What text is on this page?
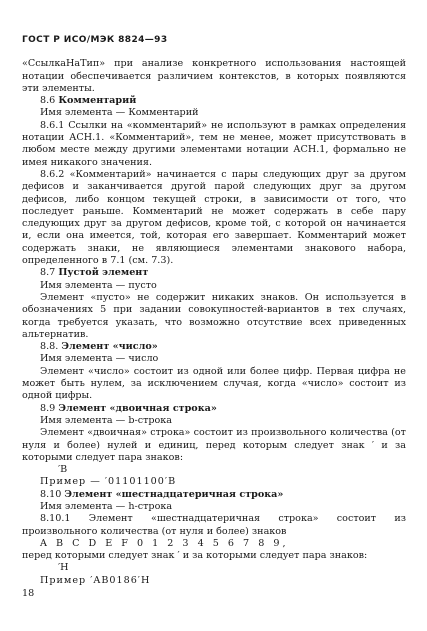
ГОСТ Р ИСО/МЭК 8824—93

«СсылкаНаТип» при анализе конкретного использования настоящей нотации обеспечивается различием контекстов, в которых появляются эти элементы.

8.6 Комментарий

Имя элемента — Комментарий

8.6.1 Ссылки на «комментарий» не используют в рамках определения нотации АСН.1. «Комментарий», тем не менее, может присутствовать в любом месте между другими элементами нотации АСН.1, формально не имея никакого значения.

8.6.2 «Комментарий» начинается с пары следующих друг за другом дефисов и заканчивается другой парой следующих друг за другом дефисов, либо концом текущей строки, в зависимости от того, что последует раньше. Комментарий не может содержать в себе пару следующих друг за другом дефисов, кроме той, с которой он начинается и, если она имеется, той, которая его завершает. Комментарий может содержать знаки, не являющиеся элементами знакового набора, определенного в 7.1 (см. 7.3).

8.7 Пустой элемент

Имя элемента — пусто

Элемент «пусто» не содержит никаких знаков. Он используется в обозначениях 5 при задании совокупностей-вариантов в тех случаях, когда требуется указать, что возможно отсутствие всех приведенных альтернатив.

8.8. Элемент «число»

Имя элемента — число

Элемент «число» состоит из одной или более цифр. Первая цифра не может быть нулем, за исключением случая, когда «число» состоит из одной цифры.

8.9 Элемент «двоичная строка»

Имя элемента — b-строка

Элемент «двоичная» строка» состоит из произвольного количества (от нуля и более) нулей и единиц, перед которым следует знак ′ и за которыми следует пара знаков:

′B

Пример — ′01101100′B

8.10 Элемент «шестнадцатеричная строка»

Имя элемента — h-строка

8.10.1 Элемент «шестнадцатеричная строка» состоит из произвольного количества (от нуля и более) знаков

A B C D E F 0 1 2 3 4 5 6 7 8 9,

перед которыми следует знак ′ и за которыми следует пара знаков:

′H

Пример ′AB0186′H

18
